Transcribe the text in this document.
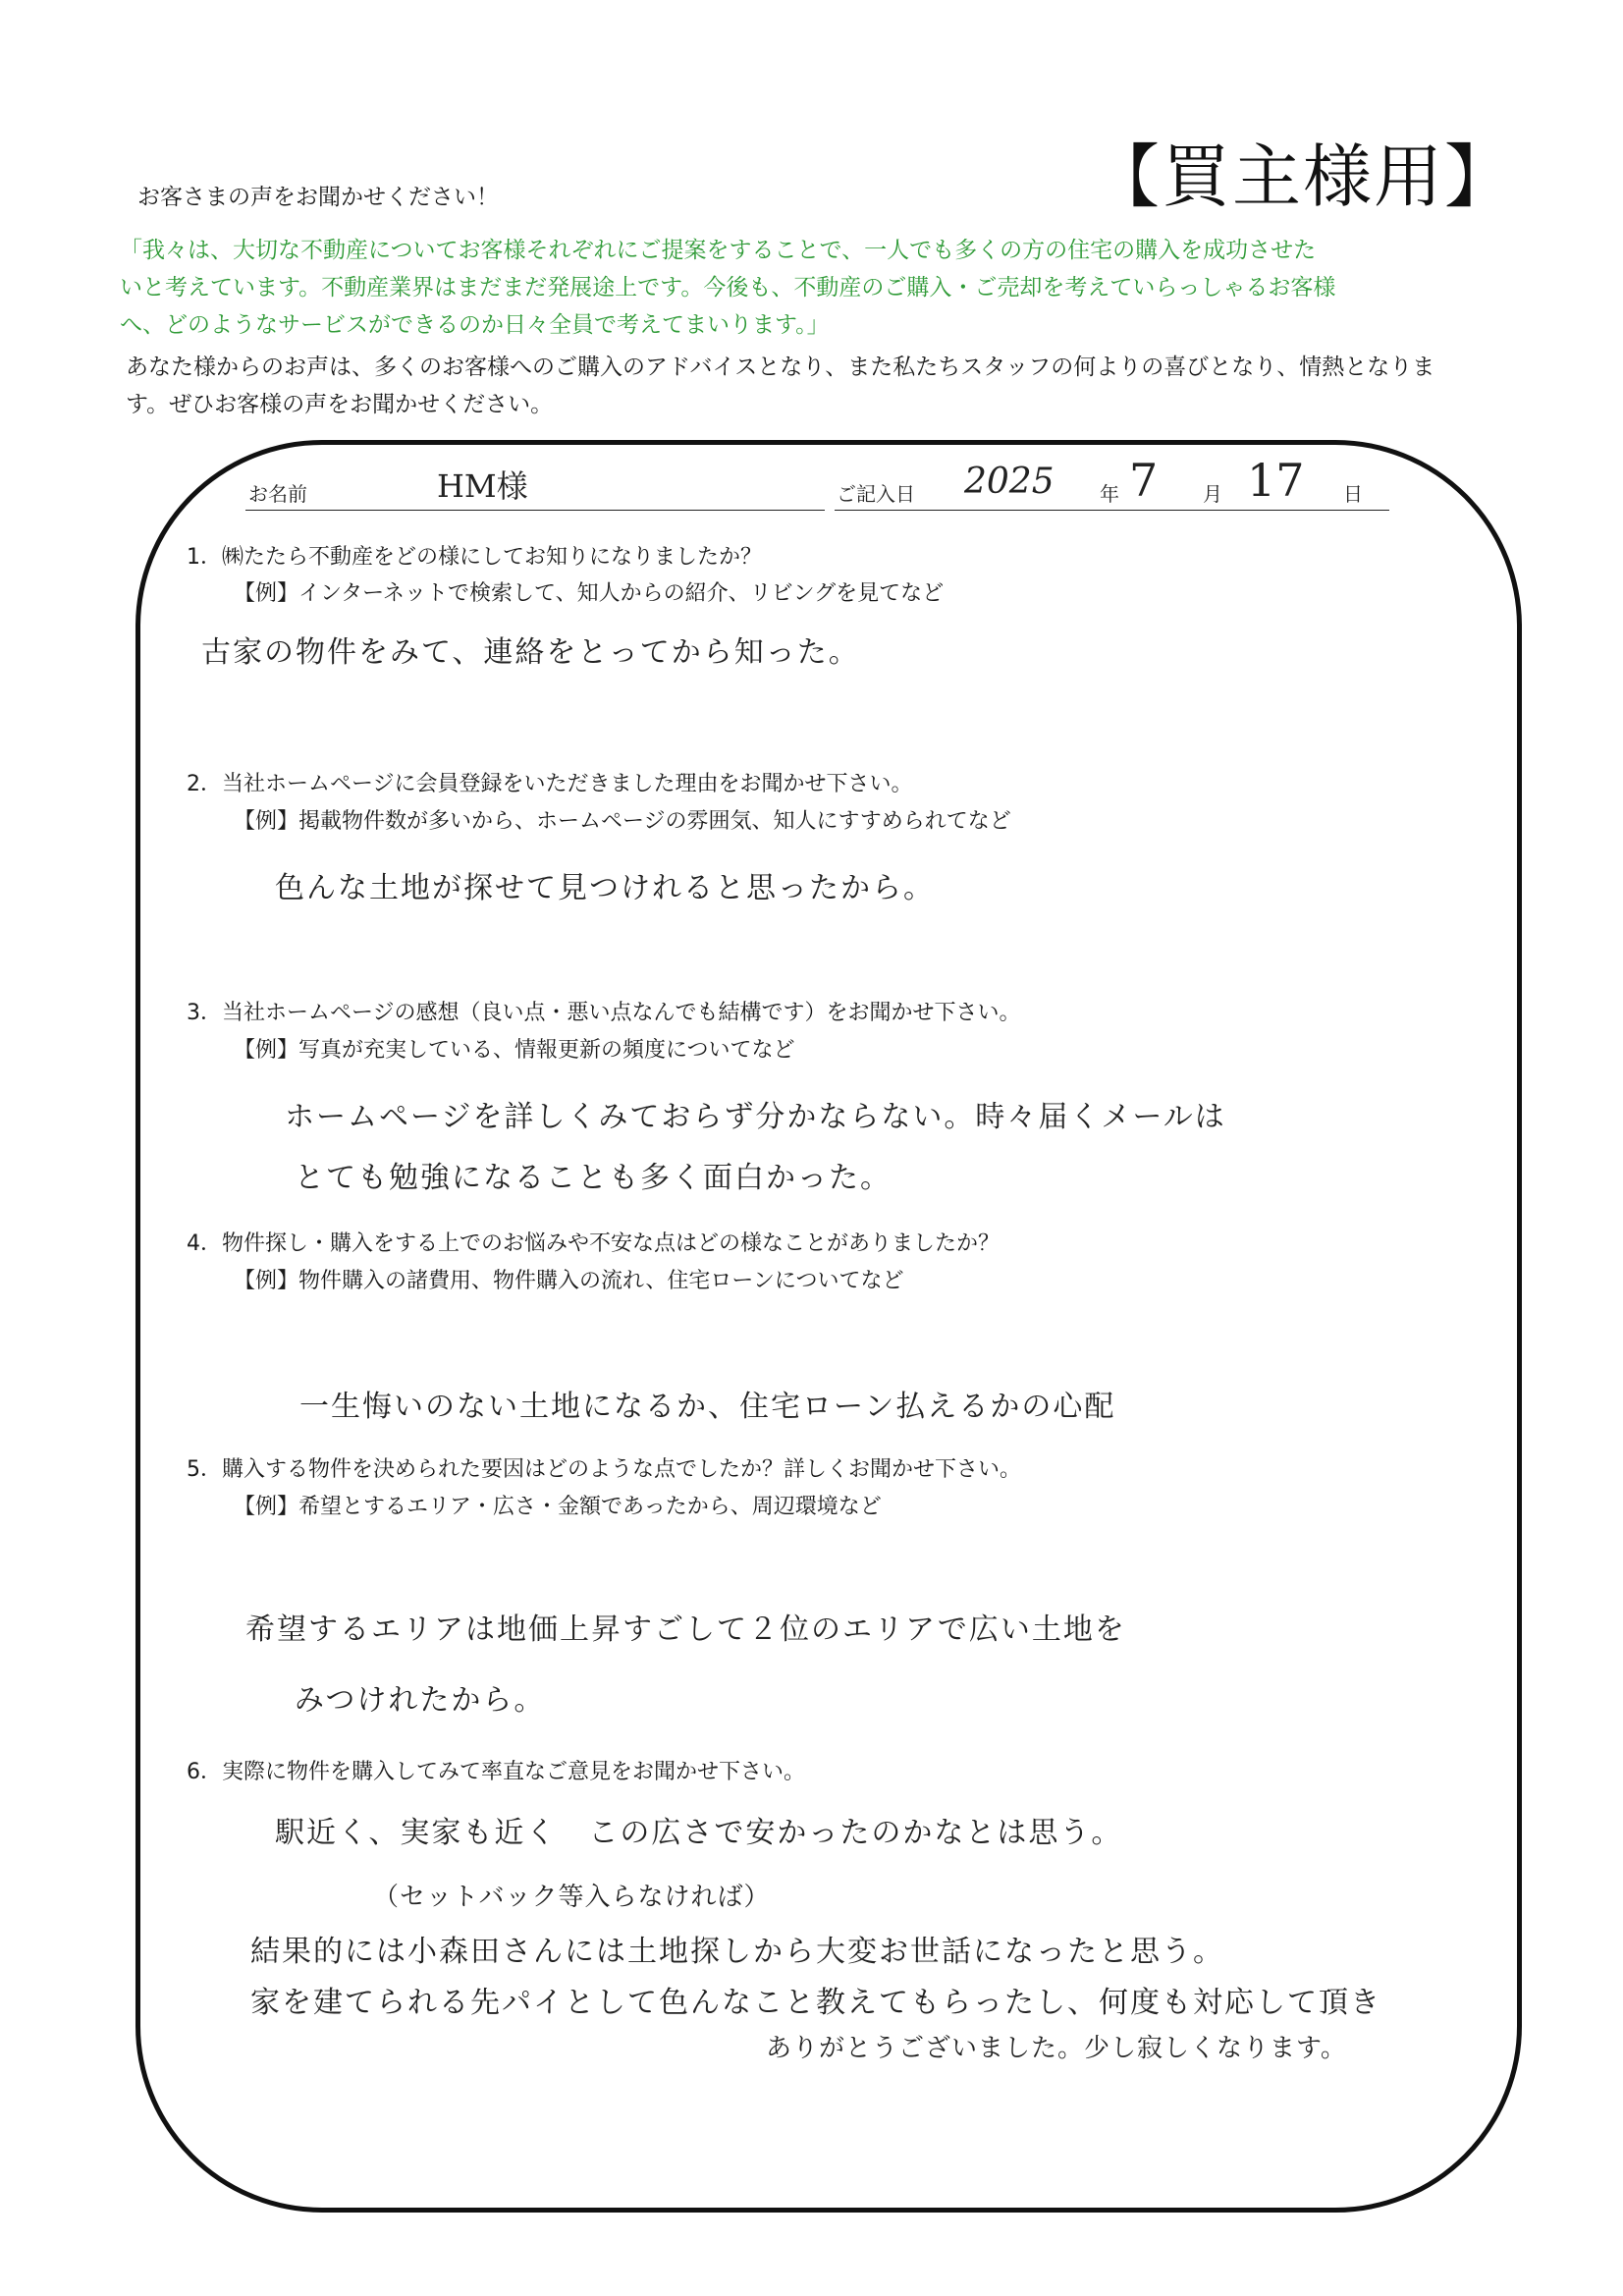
お客さまの声をお聞かせください！	【買主様用】
「我々は、大切な不動産についてお客様それぞれにご提案をすることで、一人でも多くの方の住宅の購入を成功させた
いと考えています。不動産業界はまだまだ発展途上です。今後も、不動産のご購入・ご売却を考えていらっしゃるお客様
へ、どのようなサービスができるのか日々全員で考えてまいります。」
あなた様からのお声は、多くのお客様へのご購入のアドバイスとなり、また私たちスタッフの何よりの喜びとなり、情熱となりま
す。ぜひお客様の声をお聞かせください。
お名前	HM様	ご記入日 2025 年 7 月 17 日
1．㈱たたら不動産をどの様にしてお知りになりましたか？
【例】インターネットで検索して、知人からの紹介、リビングを見てなど
古家の物件をみて、連絡をとってから知った。
2．当社ホームページに会員登録をいただきました理由をお聞かせ下さい。
【例】掲載物件数が多いから、ホームページの雰囲気、知人にすすめられてなど
色んな土地が探せて見つけれると思ったから。
3．当社ホームページの感想（良い点・悪い点なんでも結構です）をお聞かせ下さい。
【例】写真が充実している、情報更新の頻度についてなど
ホームページを詳しくみておらず分かならない。時々届くメールは
とても勉強になることも多く面白かった。
4．物件探し・購入をする上でのお悩みや不安な点はどの様なことがありましたか？
【例】物件購入の諸費用、物件購入の流れ、住宅ローンについてなど
一生悔いのない土地になるか、住宅ローン払えるかの心配
5．購入する物件を決められた要因はどのような点でしたか？詳しくお聞かせ下さい。
【例】希望とするエリア・広さ・金額であったから、周辺環境など
希望するエリアは地価上昇すごして２位のエリアで広い土地を
みつけれたから。
6．実際に物件を購入してみて率直なご意見をお聞かせ下さい。
駅近く、実家も近く　この広さで安かったのかなとは思う。
（セットバック等入らなければ）
結果的には小森田さんには土地探しから大変お世話になったと思う。
家を建てられる先パイとして色んなこと教えてもらったし、何度も対応して頂き
ありがとうございました。少し寂しくなります。
